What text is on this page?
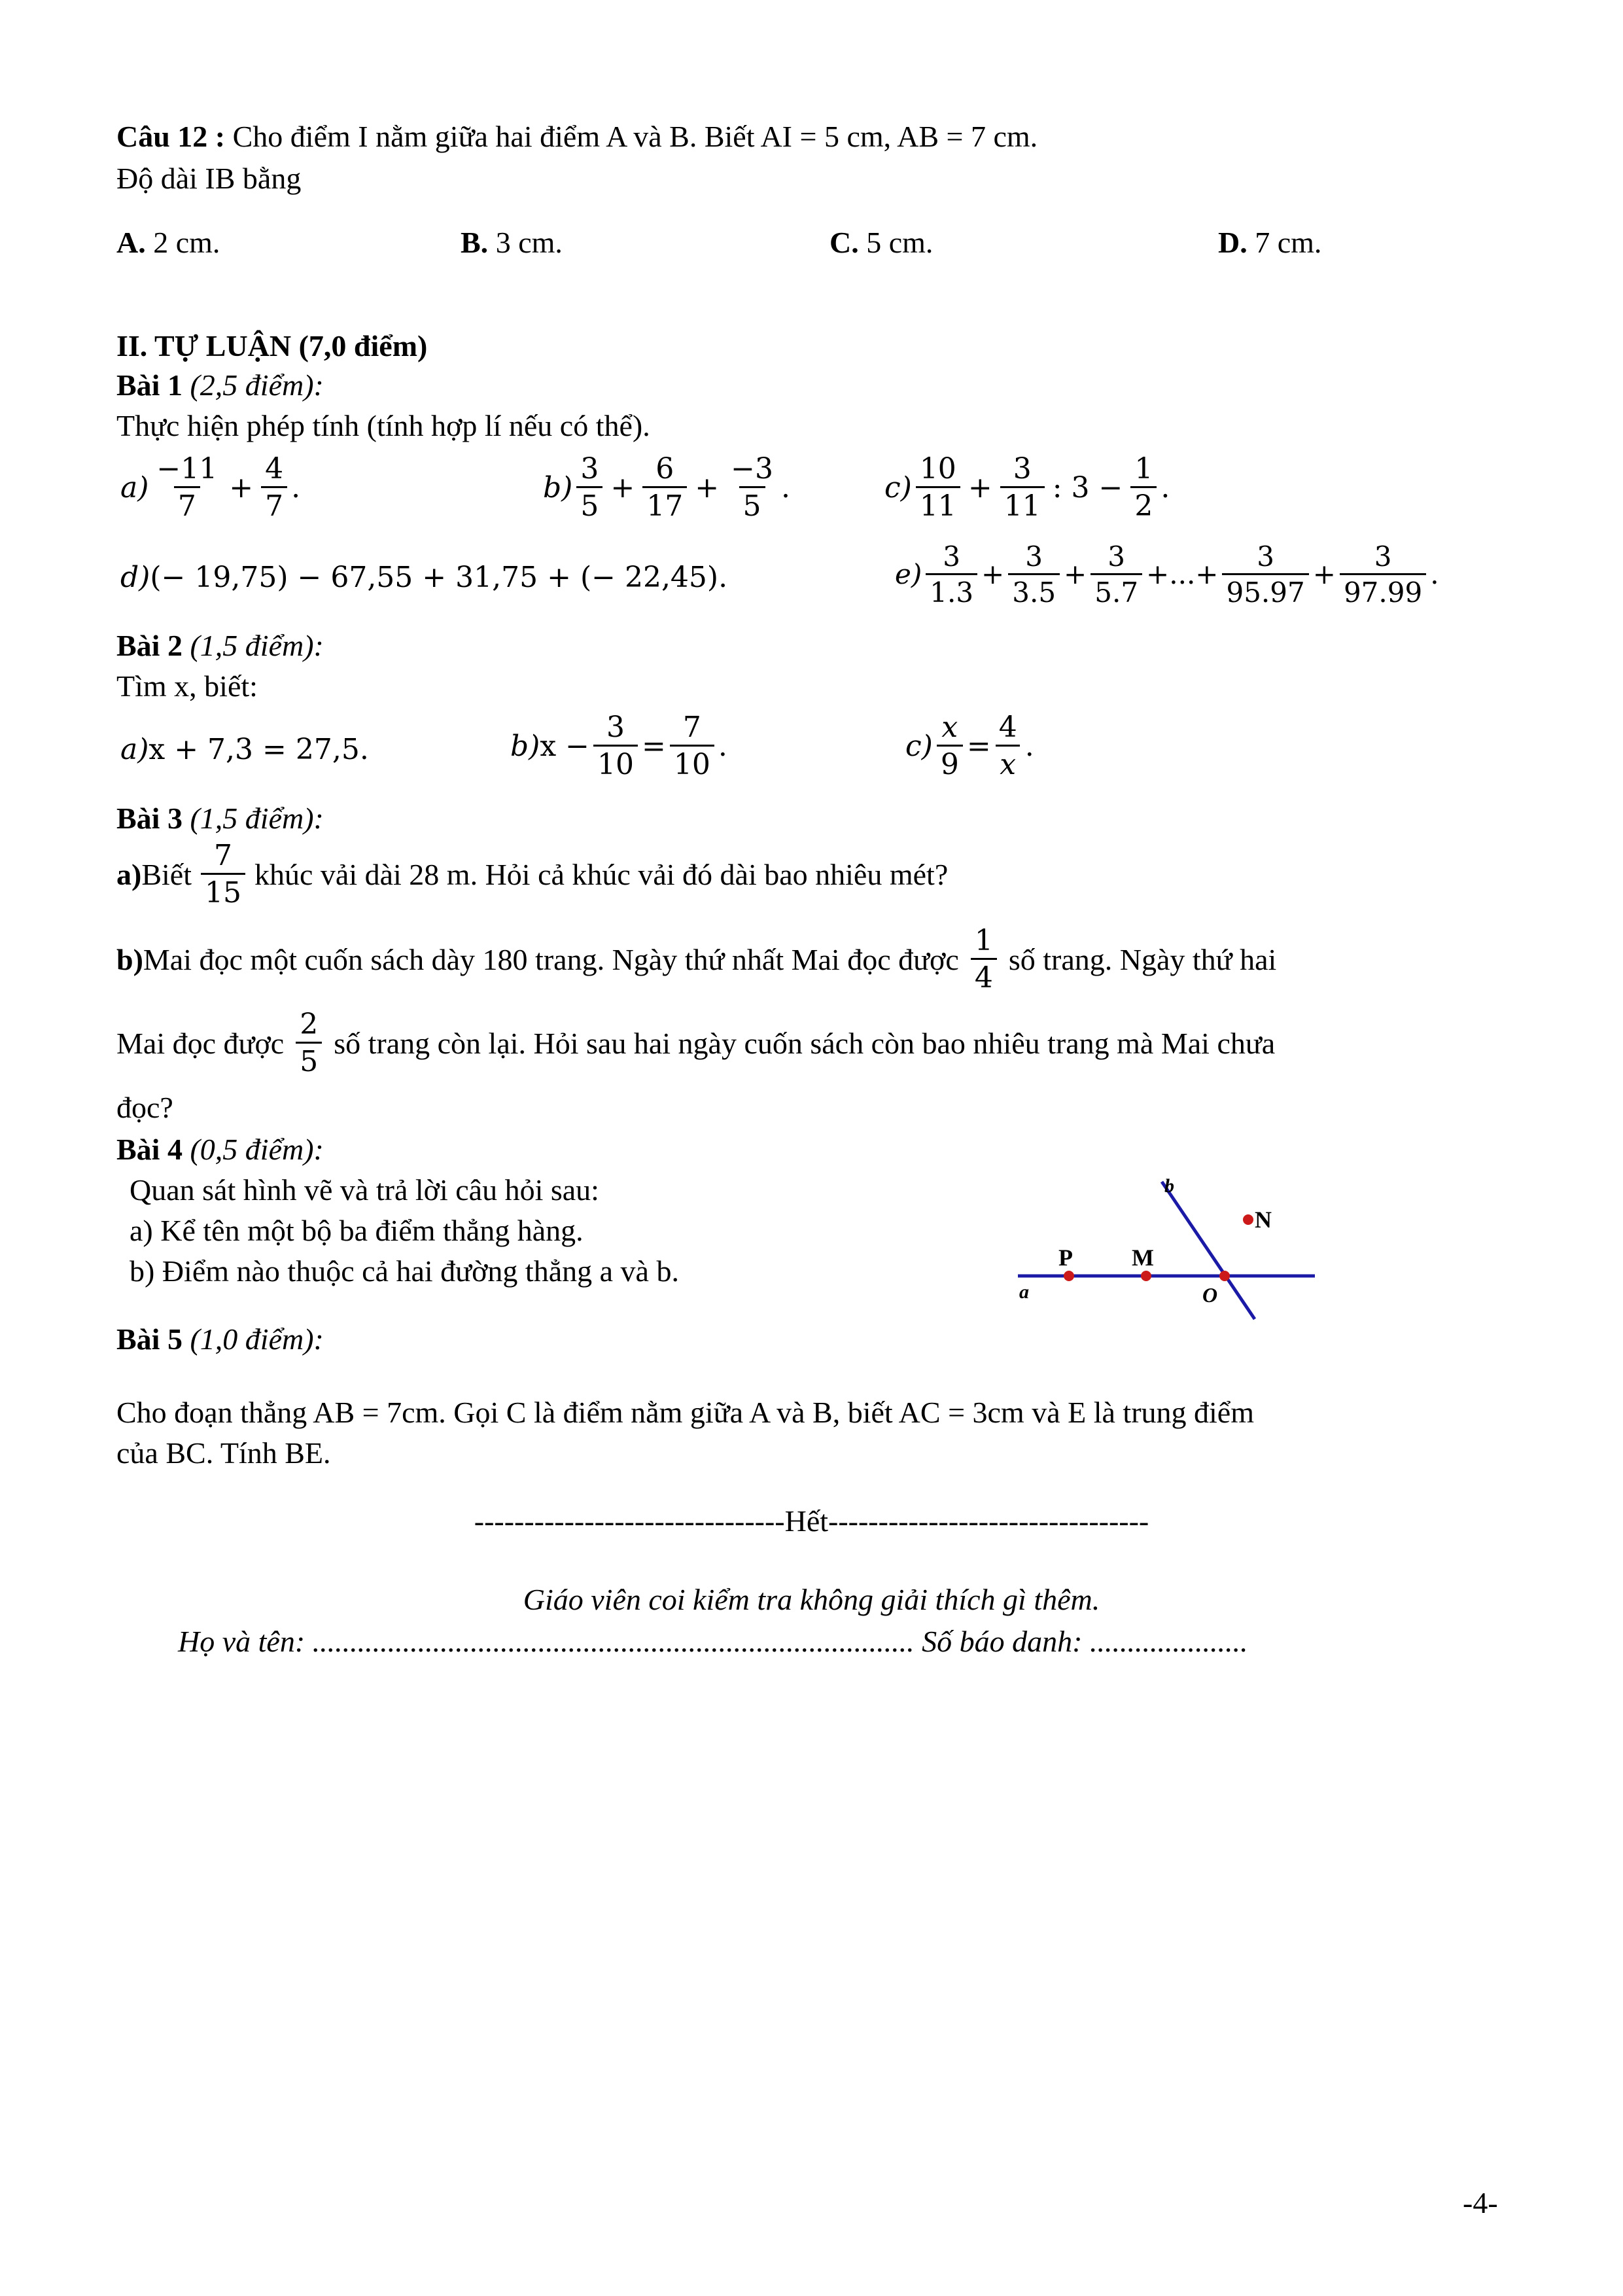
Câu 12 : Cho điểm I nằm giữa hai điểm A và B. Biết AI = 5 cm, AB = 7 cm.
Độ dài IB bằng
A. 2 cm.	B. 3 cm.	C. 5 cm.	D. 7 cm.
II. TỰ LUẬN (7,0 điểm)
Bài 1 (2,5 điểm):
Thực hiện phép tính (tính hợp lí nếu có thể).
$a) \frac{-11}{7} + \frac{4}{7}$ .	$b) \frac{3}{5} + \frac{6}{17} + \frac{-3}{5}$ .	$c) \frac{10}{11} + \frac{3}{11}$ : $3 - \frac{1}{2}$ .
d)(− 19,75) − 67,55 + 31,75 + (− 22,45).	$e) \frac{3}{1.3} + \frac{3}{3.5} + \frac{3}{5.7}$ +...+ $\frac{3}{95.97} + \frac{3}{97.99}$ .
Bài 2 (1,5 điểm):
Tìm x, biết:
a)x + 7,3 = 27,5.	b) $x - \frac{3}{10} = \frac{7}{10}$ .	$c) \frac{x}{9} = \frac{4}{x}$ .
Bài 3 (1,5 điểm):
a) Biết $\frac{7}{15}$ khúc vải dài 28 m. Hỏi cả khúc vải đó dài bao nhiêu mét?
b) Mai đọc một cuốn sách dày 180 trang. Ngày thứ nhất Mai đọc được $\frac{1}{4}$ số trang. Ngày thứ hai
Mai đọc được $\frac{2}{5}$ số trang còn lại. Hỏi sau hai ngày cuốn sách còn bao nhiêu trang mà Mai chưa
đọc?
Bài 4 (0,5 điểm):
Quan sát hình vẽ và trả lời câu hỏi sau:
a) Kể tên một bộ ba điểm thẳng hàng.
b) Điểm nào thuộc cả hai đường thẳng a và b.
a
b
P	M
O
N
Bài 5 (1,0 điểm):
Cho đoạn thẳng AB = 7cm. Gọi C là điểm nằm giữa A và B, biết AC = 3cm và E là trung điểm
của BC. Tính BE.
-------------------------------Hết--------------------------------
Giáo viên coi kiểm tra không giải thích gì thêm.
Họ và tên: ................................................................................ Số báo danh: .....................
-4-
